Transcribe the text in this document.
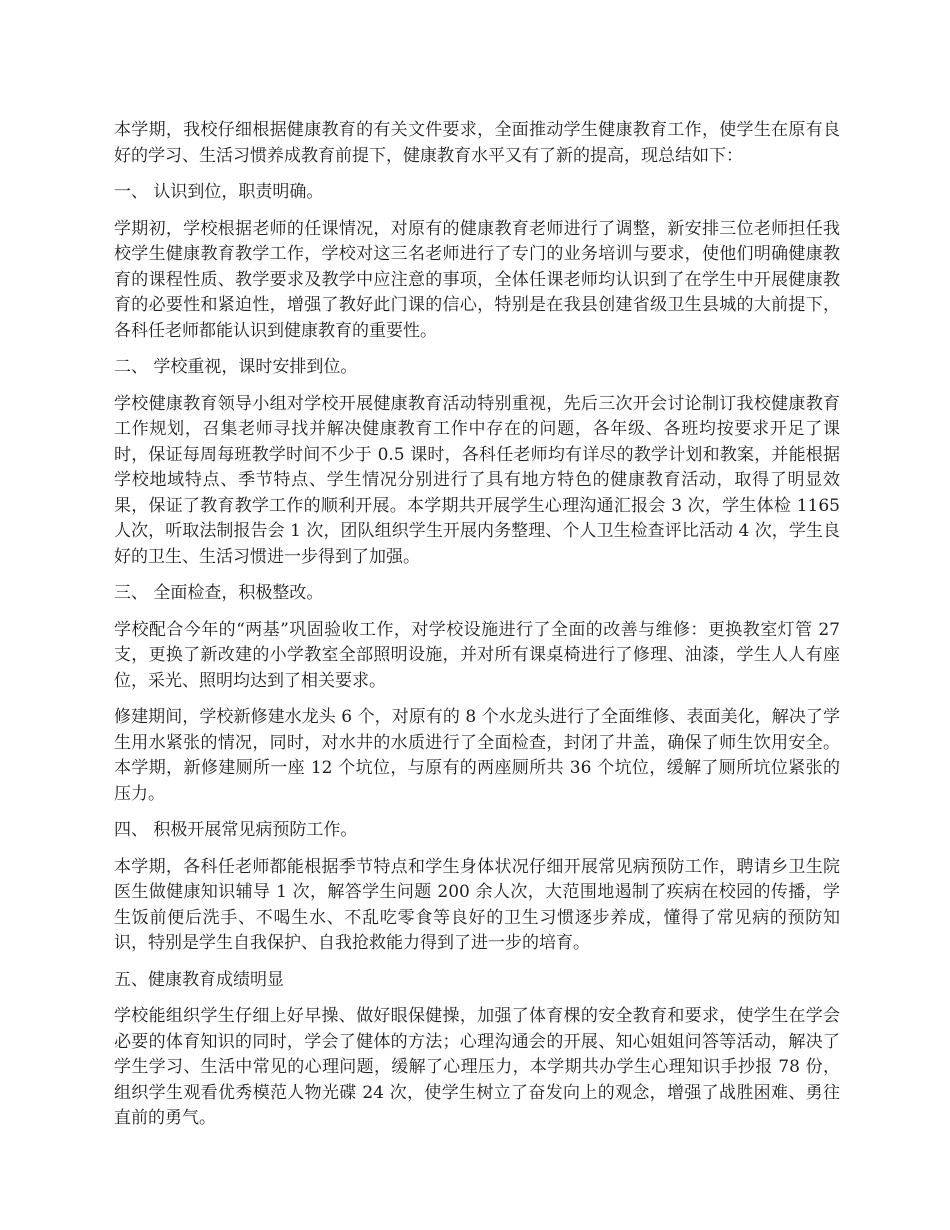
本学期，我校仔细根据健康教育的有关文件要求，全面推动学生健康教育工作，使学生在原有良好的学习、生活习惯养成教育前提下，健康教育水平又有了新的提高，现总结如下：

一、 认识到位，职责明确。

学期初，学校根据老师的任课情况，对原有的健康教育老师进行了调整，新安排三位老师担任我校学生健康教育教学工作，学校对这三名老师进行了专门的业务培训与要求，使他们明确健康教育的课程性质、教学要求及教学中应注意的事项，全体任课老师均认识到了在学生中开展健康教育的必要性和紧迫性，增强了教好此门课的信心，特别是在我县创建省级卫生县城的大前提下，各科任老师都能认识到健康教育的重要性。

二、 学校重视，课时安排到位。

学校健康教育领导小组对学校开展健康教育活动特别重视，先后三次开会讨论制订我校健康教育工作规划，召集老师寻找并解决健康教育工作中存在的问题，各年级、各班均按要求开足了课时，保证每周每班教学时间不少于 0.5 课时，各科任老师均有详尽的教学计划和教案，并能根据学校地域特点、季节特点、学生情况分别进行了具有地方特色的健康教育活动，取得了明显效果，保证了教育教学工作的顺利开展。本学期共开展学生心理沟通汇报会 3 次，学生体检 1165 人次，听取法制报告会 1 次，团队组织学生开展内务整理、个人卫生检查评比活动 4 次，学生良好的卫生、生活习惯进一步得到了加强。

三、 全面检查，积极整改。

学校配合今年的“两基”巩固验收工作，对学校设施进行了全面的改善与维修：更换教室灯管 27 支，更换了新改建的小学教室全部照明设施，并对所有课桌椅进行了修理、油漆，学生人人有座位，采光、照明均达到了相关要求。

修建期间，学校新修建水龙头 6 个，对原有的 8 个水龙头进行了全面维修、表面美化，解决了学生用水紧张的情况，同时，对水井的水质进行了全面检查，封闭了井盖，确保了师生饮用安全。本学期，新修建厕所一座 12 个坑位，与原有的两座厕所共 36 个坑位，缓解了厕所坑位紧张的压力。

四、 积极开展常见病预防工作。

本学期，各科任老师都能根据季节特点和学生身体状况仔细开展常见病预防工作，聘请乡卫生院医生做健康知识辅导 1 次，解答学生问题 200 余人次，大范围地遏制了疾病在校园的传播，学生饭前便后洗手、不喝生水、不乱吃零食等良好的卫生习惯逐步养成，懂得了常见病的预防知识，特别是学生自我保护、自我抢救能力得到了进一步的培育。

五、健康教育成绩明显

学校能组织学生仔细上好早操、做好眼保健操，加强了体育棵的安全教育和要求，使学生在学会必要的体育知识的同时，学会了健体的方法；心理沟通会的开展、知心姐姐问答等活动，解决了学生学习、生活中常见的心理问题，缓解了心理压力，本学期共办学生心理知识手抄报 78 份，组织学生观看优秀模范人物光碟 24 次，使学生树立了奋发向上的观念，增强了战胜困难、勇往直前的勇气。
